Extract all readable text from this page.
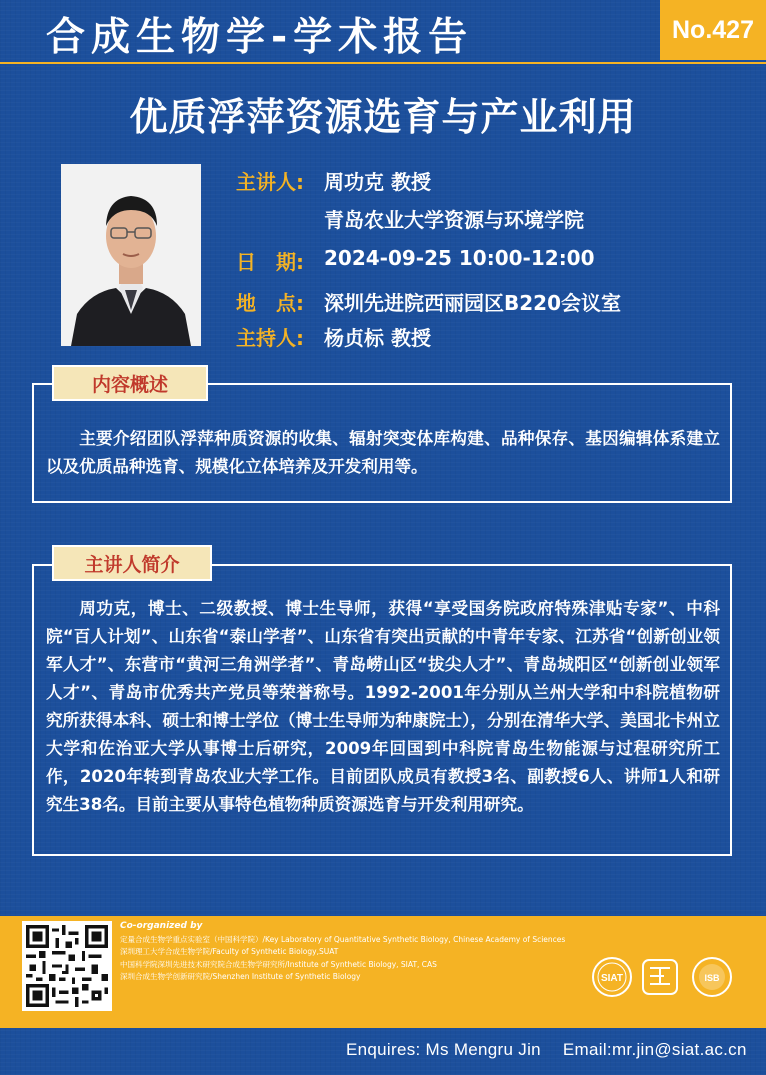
合成生物学-学术报告	No.427
优质浮萍资源选育与产业利用
主讲人: 周功克 教授
青岛农业大学资源与环境学院
日　期: 2024-09-25 10:00-12:00
地　点: 深圳先进院西丽园区B220会议室
主持人: 杨贞标 教授
内容概述
主要介绍团队浮萍种质资源的收集、辐射突变体库构建、品种保存、基因编辑体系建立以及优质品种选育、规模化立体培养及开发利用等。
主讲人简介
周功克，博士、二级教授、博士生导师，获得“享受国务院政府特殊津贴专家”、中科院“百人计划”、山东省“泰山学者”、山东省有突出贡献的中青年专家、江苏省“创新创业领军人才”、东营市“黄河三角洲学者”、青岛崂山区“拔尖人才”、青岛城阳区“创新创业领军人才”、青岛市优秀共产党员等荣誉称号。1992-2001年分别从兰州大学和中科院植物研究所获得本科、硕士和博士学位（博士生导师为种康院士），分别在清华大学、美国北卡州立大学和佐治亚大学从事博士后研究，2009年回国到中科院青岛生物能源与过程研究所工作，2020年转到青岛农业大学工作。目前团队成员有教授3名、副教授6人、讲师1人和研究生38名。目前主要从事特色植物种质资源选育与开发利用研究。
Co-organized by
定量合成生物学重点实验室（中国科学院）/Key Laboratory of Quantitative Synthetic Biology, Chinese Academy of Sciences
深圳理工大学合成生物学院/Faculty of Synthetic Biology,SUAT
中国科学院深圳先进技术研究院合成生物学研究所/Institute of Synthetic Biology, SIAT, CAS
深圳合成生物学创新研究院/Shenzhen Institute of Synthetic Biology	SIAT	ISB
Enquires: Ms Mengru Jin Email:mr.jin@siat.ac.cn
